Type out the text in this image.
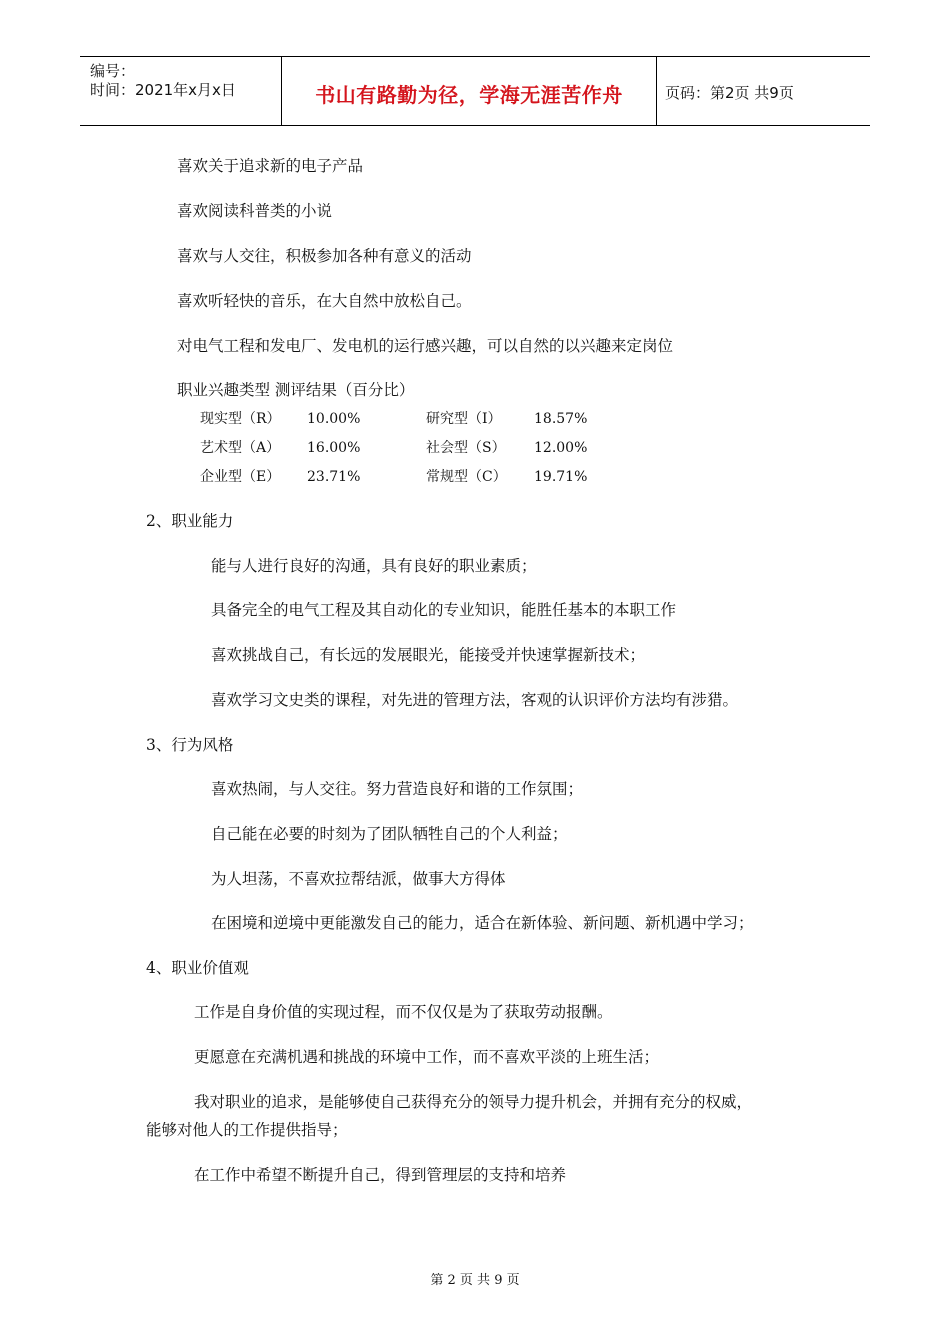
编号：
时间：2021年x月x日	书山有路勤为径，学海无涯苦作舟	页码：第2页 共9页
喜欢关于追求新的电子产品
喜欢阅读科普类的小说
喜欢与人交往，积极参加各种有意义的活动
喜欢听轻快的音乐，在大自然中放松自己。
对电气工程和发电厂、发电机的运行感兴趣，可以自然的以兴趣来定岗位
职业兴趣类型 测评结果（百分比）
现实型（R） 10.00%	研究型（I） 18.57%
艺术型（A） 16.00%	社会型（S） 12.00%
企业型（E） 23.71%	常规型（C） 19.71%
2、职业能力
能与人进行良好的沟通，具有良好的职业素质；
具备完全的电气工程及其自动化的专业知识，能胜任基本的本职工作
喜欢挑战自己，有长远的发展眼光，能接受并快速掌握新技术；
喜欢学习文史类的课程，对先进的管理方法，客观的认识评价方法均有涉猎。
3、行为风格
喜欢热闹，与人交往。努力营造良好和谐的工作氛围；
自己能在必要的时刻为了团队牺牲自己的个人利益；
为人坦荡，不喜欢拉帮结派，做事大方得体
在困境和逆境中更能激发自己的能力，适合在新体验、新问题、新机遇中学习；
4、职业价值观
工作是自身价值的实现过程，而不仅仅是为了获取劳动报酬。
更愿意在充满机遇和挑战的环境中工作，而不喜欢平淡的上班生活；
我对职业的追求，是能够使自己获得充分的领导力提升机会，并拥有充分的权威，
能够对他人的工作提供指导；
在工作中希望不断提升自己，得到管理层的支持和培养
第 2 页 共 9 页
